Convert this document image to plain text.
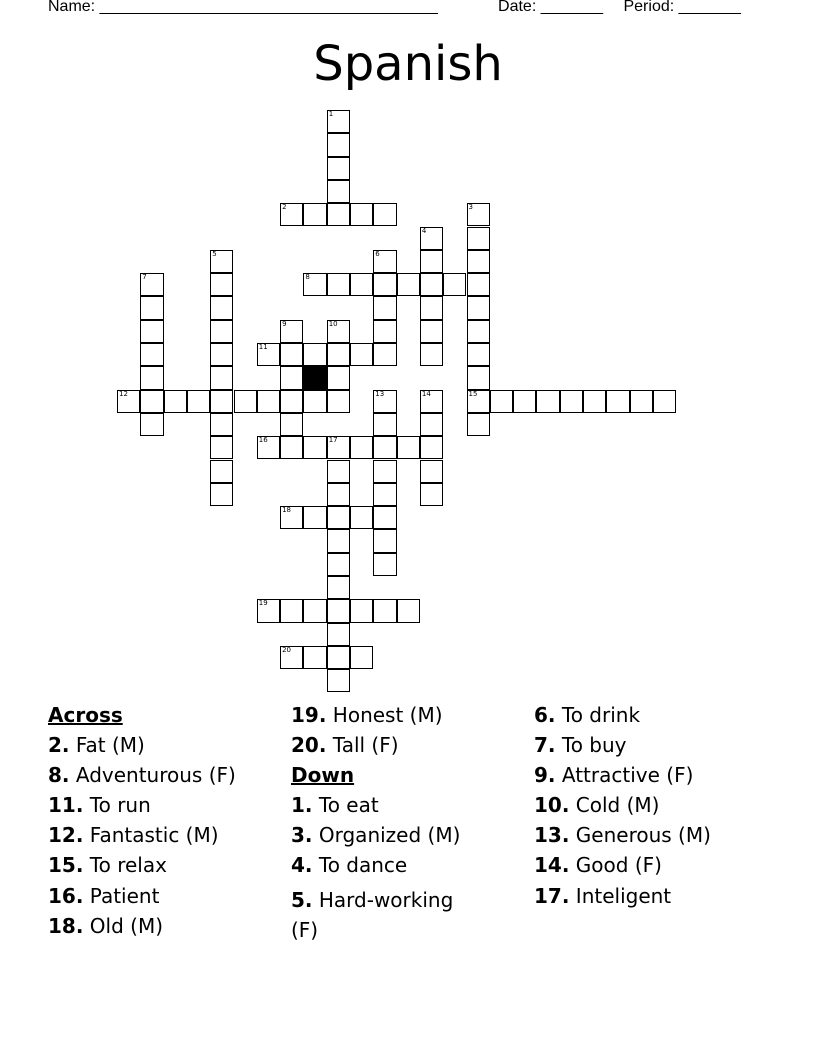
Name: ______________________________________	Date: _______ Period: _______
Spanish
1
2	3
15
4
5	6
7	8
9	10
11
12	13	14
16	17
18
19
20
Across
2. Fat (M)
8. Adventurous (F)
11. To run
12. Fantastic (M)
15. To relax
16. Patient
18. Old (M)
19. Honest (M)
20. Tall (F)
Down
1. To eat
3. Organized (M)
4. To dance
5. Hard-working (F)
6. To drink
7. To buy
9. Attractive (F)
10. Cold (M)
13. Generous (M)
14. Good (F)
17. Inteligent
